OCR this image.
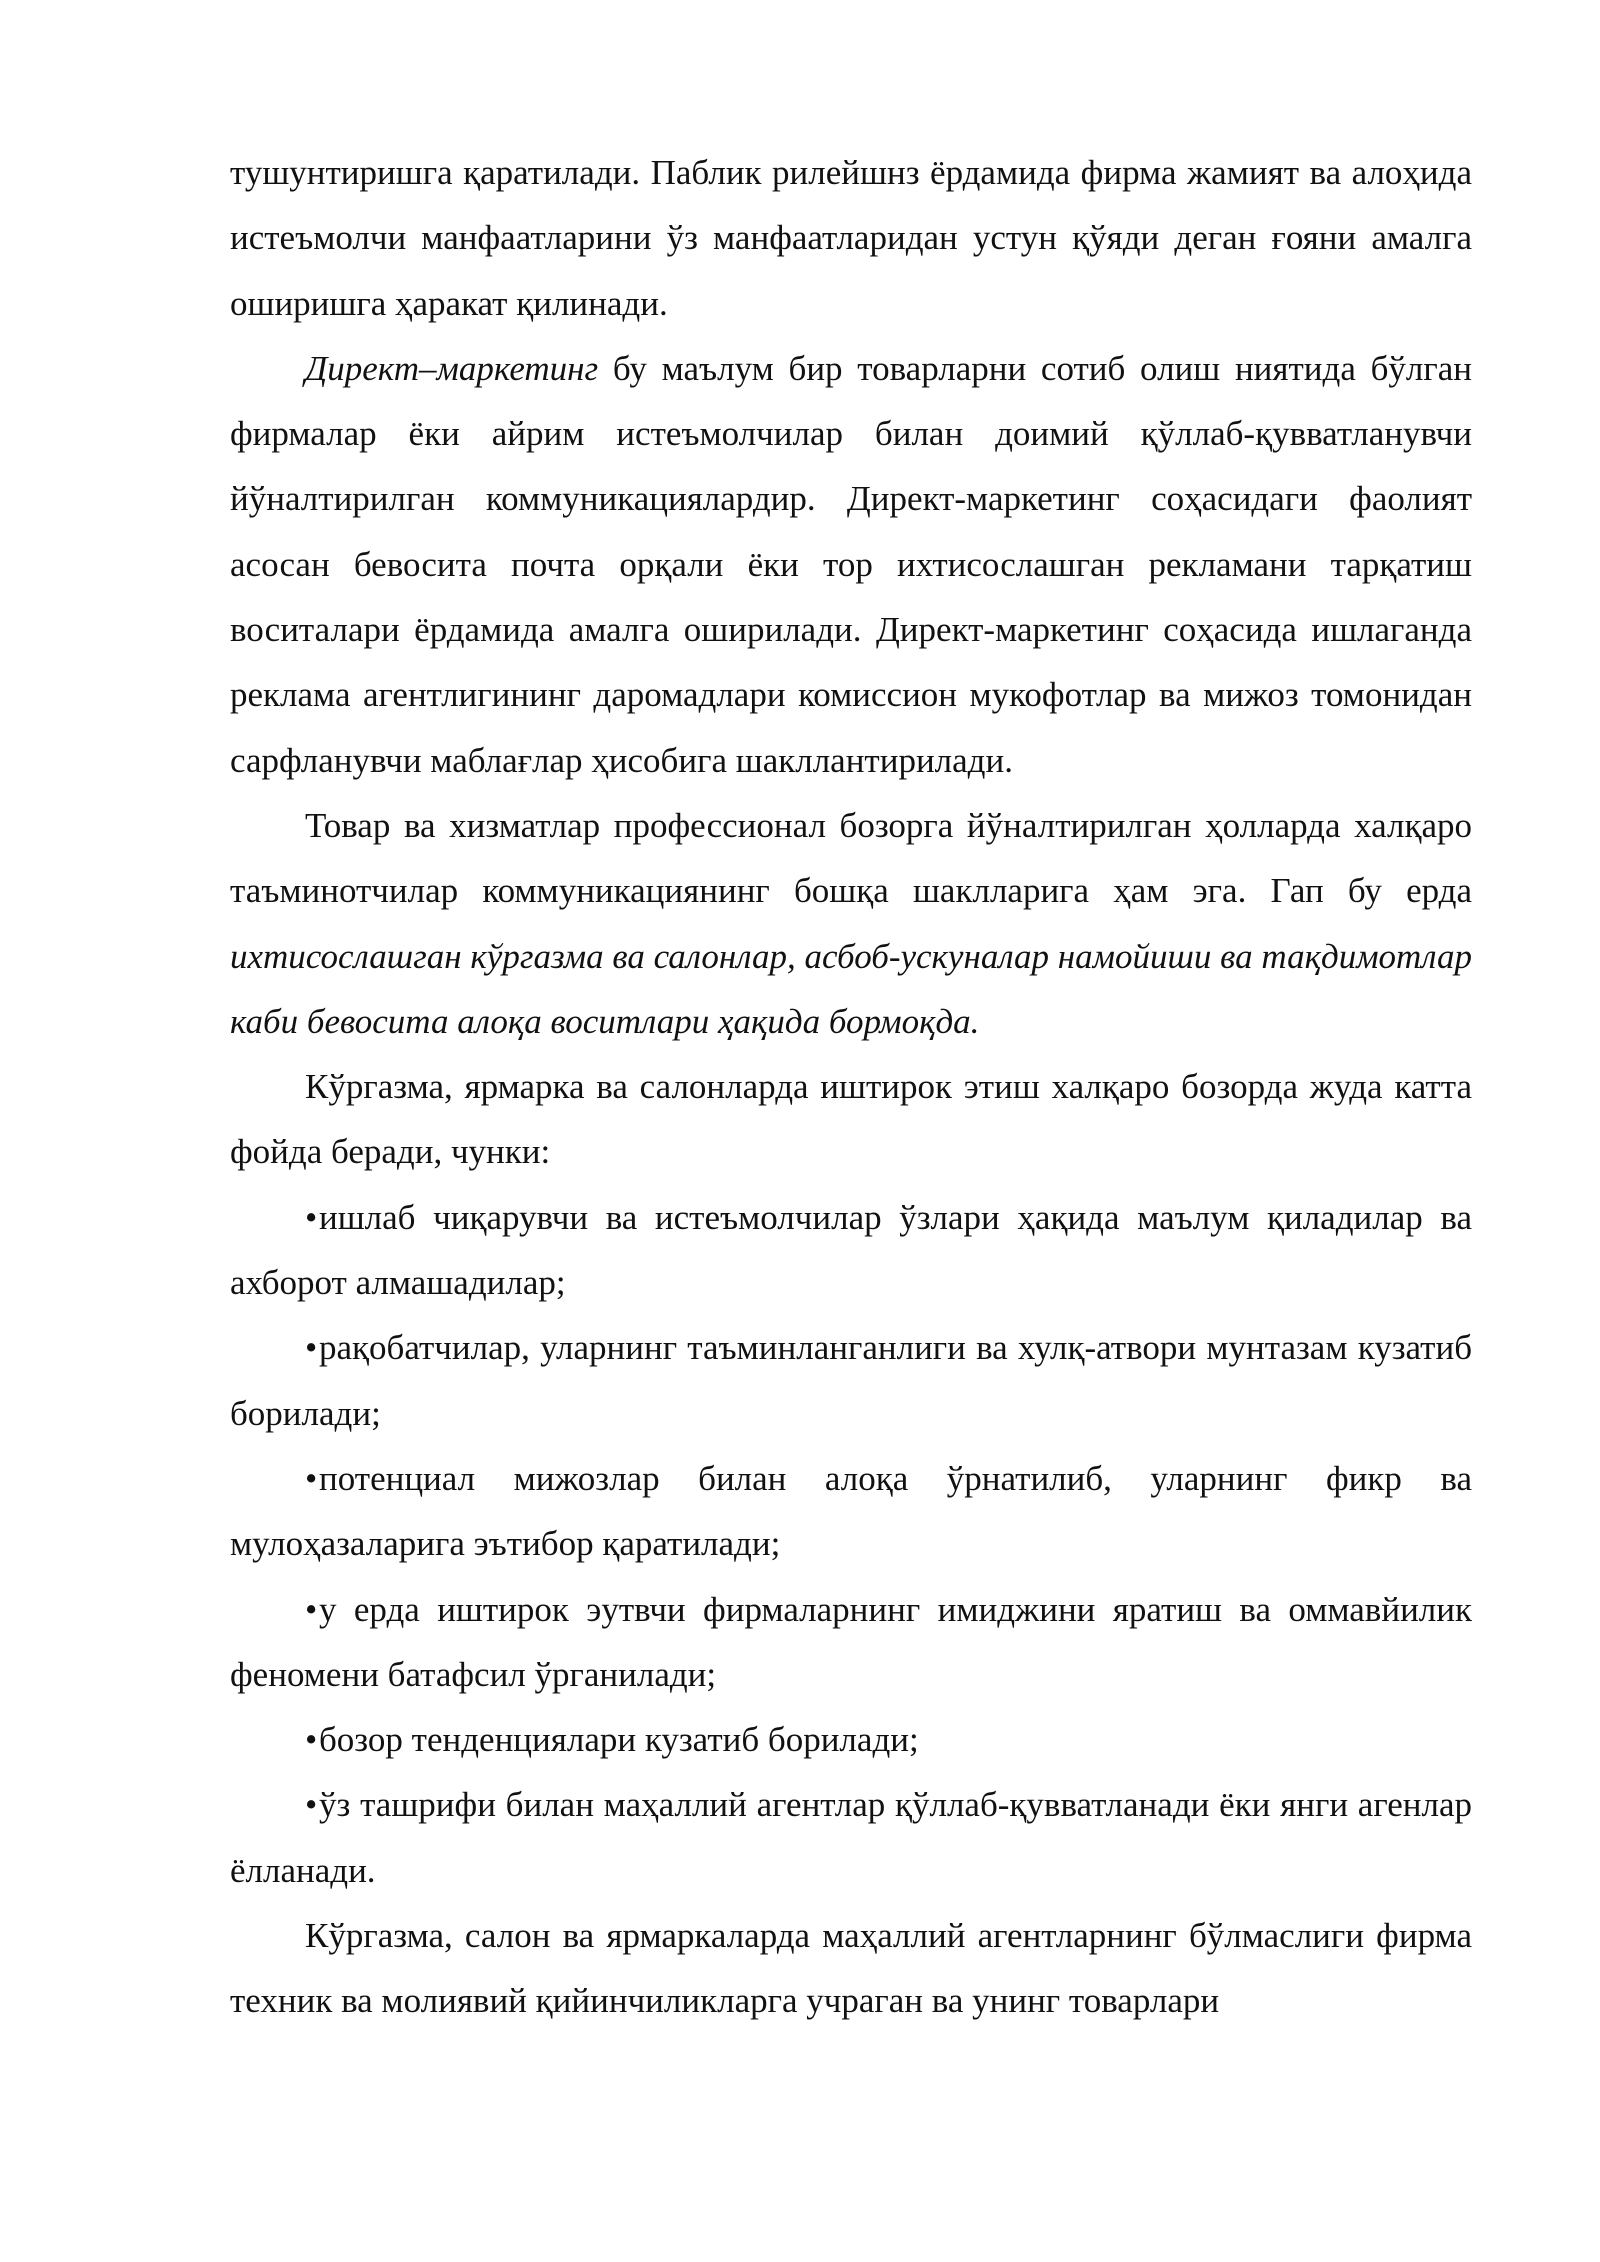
тушунтиришга қаратилади. Паблик рилейшнз ёрдамида фирма жамият ва алоҳида истеъмолчи манфаатларини ўз манфаатларидан устун қўяди деган ғояни амалга оширишга ҳаракат қилинади.

Директ–маркетинг бу маълум бир товарларни сотиб олиш ниятида бўлган фирмалар ёки айрим истеъмолчилар билан доимий қўллаб-қувватланувчи йўналтирилган коммуникациялардир. Директ-маркетинг соҳасидаги фаолият асосан бевосита почта орқали ёки тор ихтисослашган рекламани тарқатиш воситалари ёрдамида амалга оширилади. Директ-маркетинг соҳасида ишлаганда реклама агентлигининг даромадлари комиссион мукофотлар ва мижоз томонидан сарфланувчи маблағлар ҳисобига шакллантирилади.

Товар ва хизматлар профессионал бозорга йўналтирилган ҳолларда халқаро таъминотчилар коммуникациянинг бошқа шаклларига ҳам эга. Гап бу ерда ихтисослашган кўргазма ва салонлар, асбоб-ускуналар намойиши ва тақдимотлар каби бевосита алоқа воситлари ҳақида бормоқда.

Кўргазма, ярмарка ва салонларда иштирок этиш халқаро бозорда жуда катта фойда беради, чунки:

•ишлаб чиқарувчи ва истеъмолчилар ўзлари ҳақида маълум қиладилар ва ахборот алмашадилар;

•рақобатчилар, уларнинг таъминланганлиги ва хулқ-атвори мунтазам кузатиб борилади;

•потенциал мижозлар билан алоқа ўрнатилиб, уларнинг фикр ва мулоҳазаларига эътибор қаратилади;

•у ерда иштирок эутвчи фирмаларнинг имиджини яратиш ва оммавйилик феномени батафсил ўрганилади;

•бозор тенденциялари кузатиб борилади;

•ўз ташрифи билан маҳаллий агентлар қўллаб-қувватланади ёки янги агенлар ёлланади.

Кўргазма, салон ва ярмаркаларда маҳаллий агентларнинг бўлмаслиги фирма техник ва молиявий қийинчиликларга учраган ва унинг товарлари
